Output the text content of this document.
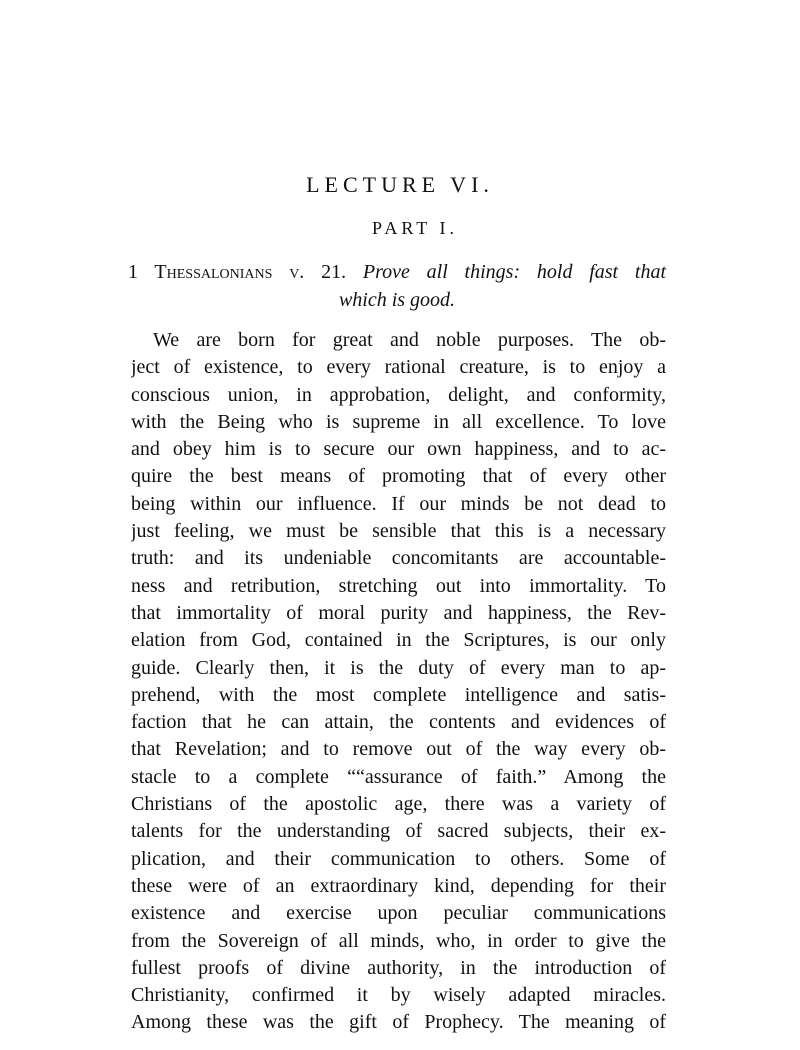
LECTURE VI.
PART I.
1 Thessalonians v. 21. Prove all things: hold fast that
which is good.
We are born for great and noble purposes. The ob-
ject of existence, to every rational creature, is to enjoy a
conscious union, in approbation, delight, and conformity,
with the Being who is supreme in all excellence. To love
and obey him is to secure our own happiness, and to ac-
quire the best means of promoting that of every other
being within our influence. If our minds be not dead to
just feeling, we must be sensible that this is a necessary
truth: and its undeniable concomitants are accountable-
ness and retribution, stretching out into immortality. To
that immortality of moral purity and happiness, the Rev-
elation from God, contained in the Scriptures, is our only
guide. Clearly then, it is the duty of every man to ap-
prehend, with the most complete intelligence and satis-
faction that he can attain, the contents and evidences of
that Revelation; and to remove out of the way every ob-
stacle to a complete ““assurance of faith.” Among the
Christians of the apostolic age, there was a variety of
talents for the understanding of sacred subjects, their ex-
plication, and their communication to others. Some of
these were of an extraordinary kind, depending for their
existence and exercise upon peculiar communications
from the Sovereign of all minds, who, in order to give the
fullest proofs of divine authority, in the introduction of
Christianity, confirmed it by wisely adapted miracles.
Among these was the gift of Prophecy. The meaning of
